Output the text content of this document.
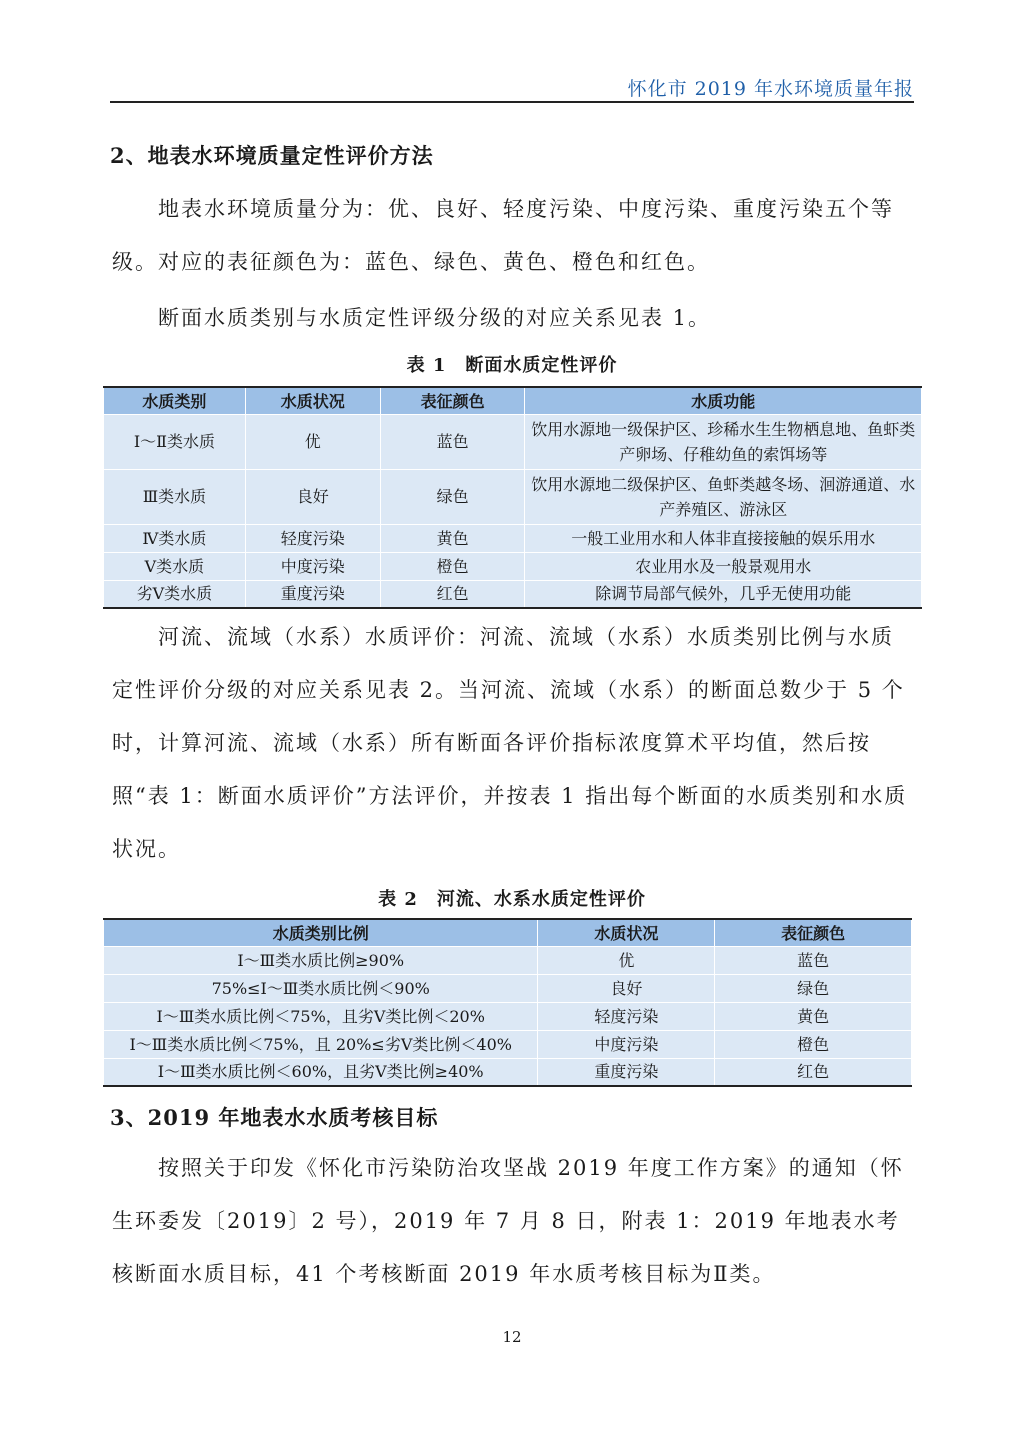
怀化市 2019 年水环境质量年报
2、地表水环境质量定性评价方法
地表水环境质量分为：优、良好、轻度污染、中度污染、重度污染五个等级。对应的表征颜色为：蓝色、绿色、黄色、橙色和红色。
断面水质类别与水质定性评级分级的对应关系见表 1。
表 1　断面水质定性评价
水质类别	水质状况	表征颜色	水质功能
Ⅰ～Ⅱ类水质	优	蓝色	饮用水源地一级保护区、珍稀水生生物栖息地、鱼虾类产卵场、仔稚幼鱼的索饵场等
Ⅲ类水质	良好	绿色	饮用水源地二级保护区、鱼虾类越冬场、洄游通道、水产养殖区、游泳区
Ⅳ类水质	轻度污染	黄色	一般工业用水和人体非直接接触的娱乐用水
Ⅴ类水质	中度污染	橙色	农业用水及一般景观用水
劣Ⅴ类水质	重度污染	红色	除调节局部气候外，几乎无使用功能
河流、流域（水系）水质评价：河流、流域（水系）水质类别比例与水质定性评价分级的对应关系见表 2。当河流、流域（水系）的断面总数少于 5 个时，计算河流、流域（水系）所有断面各评价指标浓度算术平均值，然后按照“表 1：断面水质评价”方法评价，并按表 1 指出每个断面的水质类别和水质状况。
表 2　河流、水系水质定性评价
水质类别比例	水质状况	表征颜色
Ⅰ～Ⅲ类水质比例≥90%	优	蓝色
75%≤Ⅰ～Ⅲ类水质比例＜90%	良好	绿色
Ⅰ～Ⅲ类水质比例＜75%，且劣Ⅴ类比例＜20%	轻度污染	黄色
Ⅰ～Ⅲ类水质比例＜75%，且 20%≤劣Ⅴ类比例＜40%	中度污染	橙色
Ⅰ～Ⅲ类水质比例＜60%，且劣Ⅴ类比例≥40%	重度污染	红色
3、2019 年地表水水质考核目标
按照关于印发《怀化市污染防治攻坚战 2019 年度工作方案》的通知（怀生环委发〔2019〕2 号），2019 年 7 月 8 日，附表 1：2019 年地表水考核断面水质目标，41 个考核断面 2019 年水质考核目标为Ⅱ类。
12
